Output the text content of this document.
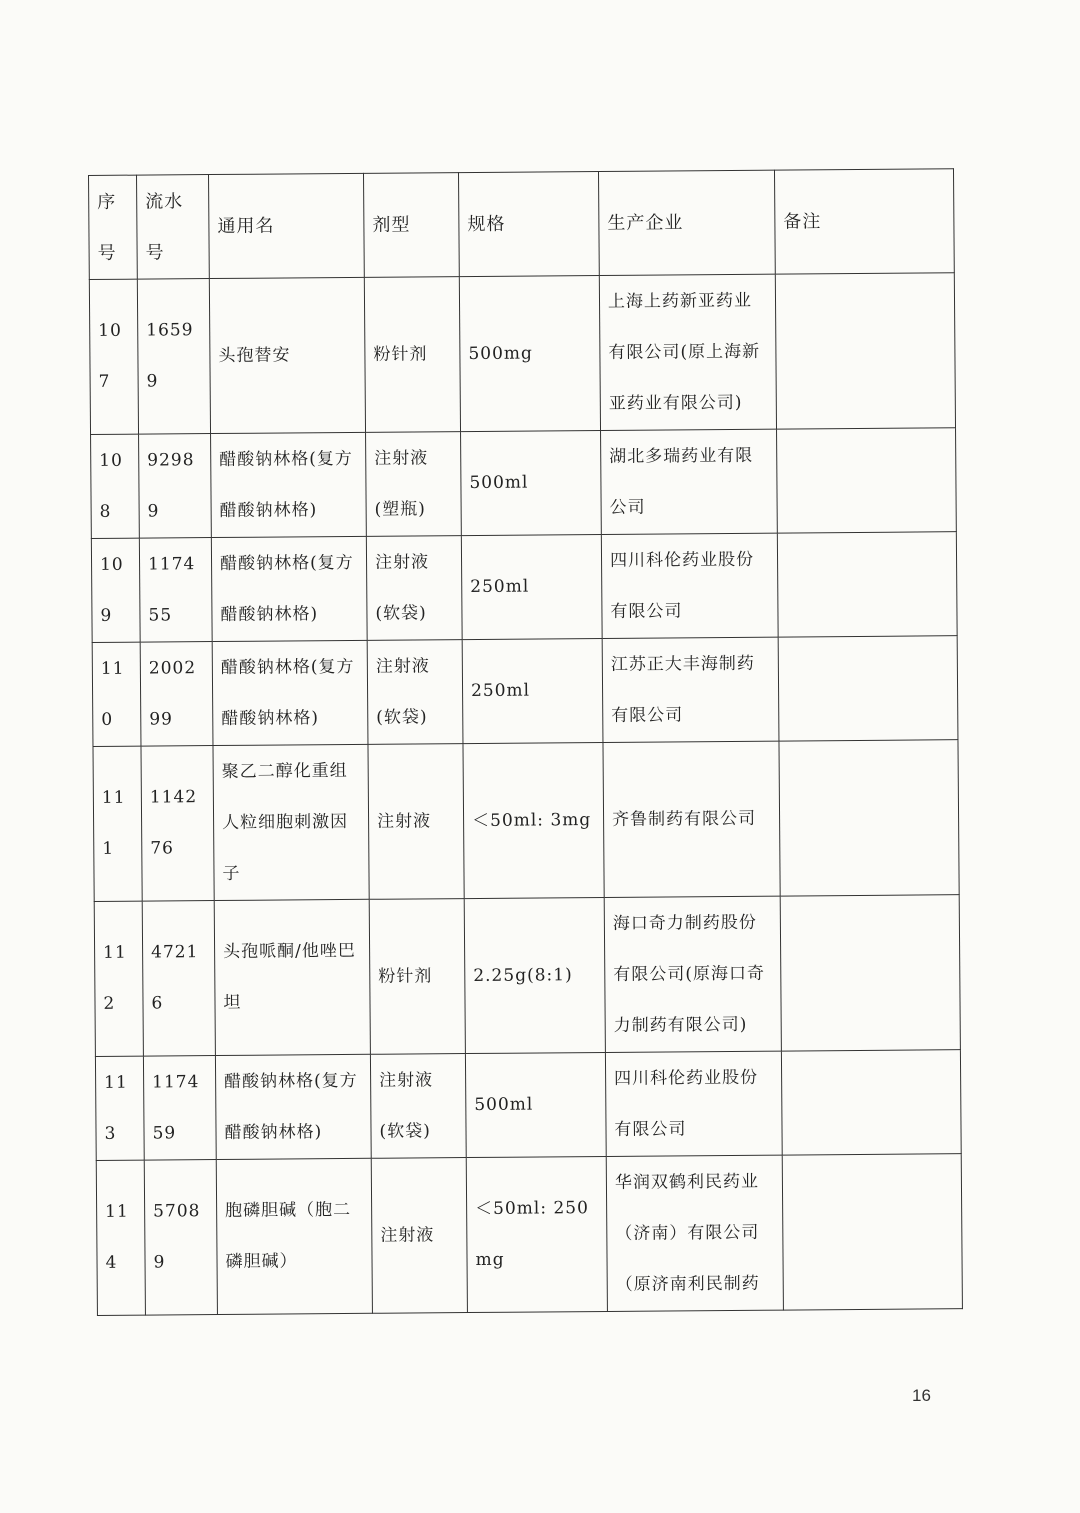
序号	流水号	通用名	剂型	规格	生产企业	备注
107	16599	头孢替安	粉针剂	500mg	上海上药新亚药业有限公司(原上海新亚药业有限公司)	
108	92989	醋酸钠林格(复方醋酸钠林格)	注射液(塑瓶)	500ml	湖北多瑞药业有限公司	
109	117455	醋酸钠林格(复方醋酸钠林格)	注射液(软袋)	250ml	四川科伦药业股份有限公司	
110	200299	醋酸钠林格(复方醋酸钠林格)	注射液(软袋)	250ml	江苏正大丰海制药有限公司	
111	114276	聚乙二醇化重组人粒细胞刺激因子	注射液	＜50ml: 3mg	齐鲁制药有限公司	
112	47216	头孢哌酮/他唑巴坦	粉针剂	2.25g(8:1)	海口奇力制药股份有限公司(原海口奇力制药有限公司)	
113	117459	醋酸钠林格(复方醋酸钠林格)	注射液(软袋)	500ml	四川科伦药业股份有限公司	
114	57089	胞磷胆碱（胞二磷胆碱）	注射液	＜50ml: 250mg	华润双鹤利民药业（济南）有限公司（原济南利民制药	
16
